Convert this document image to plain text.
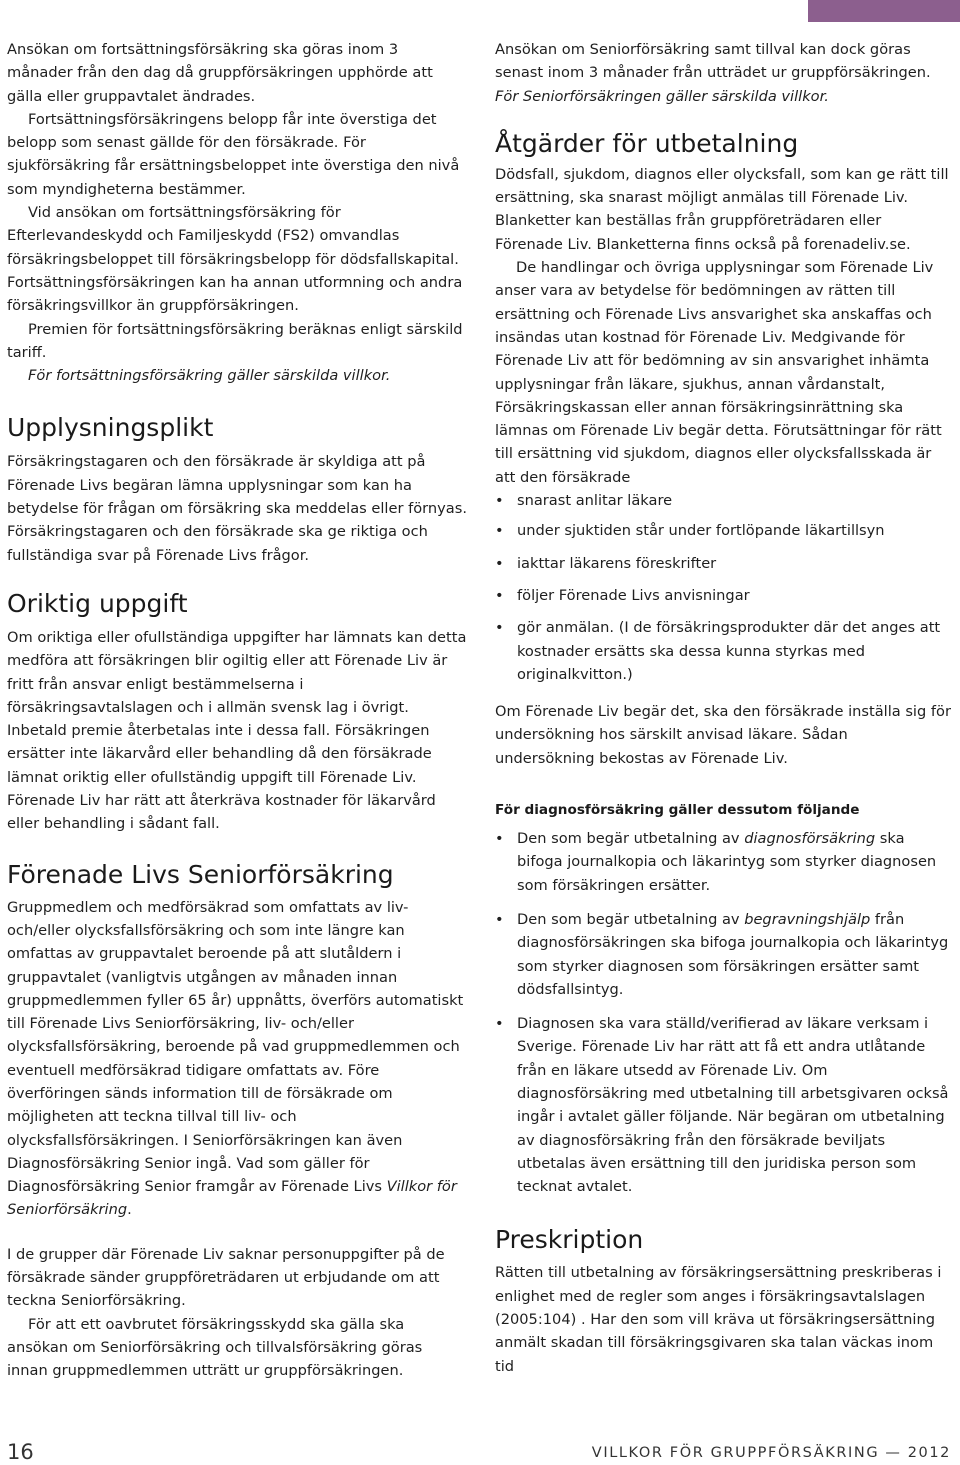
Ansökan om fortsättningsförsäkring ska göras inom 3 månader från den dag då gruppförsäkringen upphörde att gälla eller gruppavtalet ändrades.

Fortsättningsförsäkringens belopp får inte överstiga det belopp som senast gällde för den försäkrade. För sjukförsäkring får ersättningsbeloppet inte överstiga den nivå som myndigheterna bestämmer.

Vid ansökan om fortsättningsförsäkring för Efterlevandeskydd och Familjeskydd (FS2) omvandlas försäkringsbeloppet till försäkringsbelopp för dödsfallskapital. Fortsättningsförsäkringen kan ha annan utformning och andra försäkringsvillkor än gruppförsäkringen.

Premien för fortsättningsförsäkring beräknas enligt särskild tariff.

För fortsättningsförsäkring gäller särskilda villkor.

Upplysningsplikt

Försäkringstagaren och den försäkrade är skyldiga att på Förenade Livs begäran lämna upplysningar som kan ha betydelse för frågan om försäkring ska meddelas eller förnyas. Försäkringstagaren och den försäkrade ska ge riktiga och fullständiga svar på Förenade Livs frågor.

Oriktig uppgift

Om oriktiga eller ofullständiga uppgifter har lämnats kan detta medföra att försäkringen blir ogiltig eller att Förenade Liv är fritt från ansvar enligt bestämmelserna i försäkringsavtalslagen och i allmän svensk lag i övrigt. Inbetald premie återbetalas inte i dessa fall. Försäkringen ersätter inte läkarvård eller behandling då den försäkrade lämnat oriktig eller ofullständig uppgift till Förenade Liv. Förenade Liv har rätt att återkräva kostnader för läkarvård eller behandling i sådant fall.

Förenade Livs Seniorförsäkring

Gruppmedlem och medförsäkrad som omfattats av liv- och/eller olycksfallsförsäkring och som inte längre kan omfattas av gruppavtalet beroende på att slutåldern i gruppavtalet (vanligtvis utgången av månaden innan gruppmedlemmen fyller 65 år) uppnåtts, överförs automatiskt till Förenade Livs Seniorförsäkring, liv- och/eller olycksfallsförsäkring, beroende på vad gruppmedlemmen och eventuell medförsäkrad tidigare omfattats av. Före överföringen sänds information till de försäkrade om möjligheten att teckna tillval till liv- och olycksfallsförsäkringen. I Seniorförsäkringen kan även Diagnosförsäkring Senior ingå. Vad som gäller för Diagnosförsäkring Senior framgår av Förenade Livs Villkor för Seniorförsäkring.

I de grupper där Förenade Liv saknar personuppgifter på de försäkrade sänder gruppföreträdaren ut erbjudande om att teckna Seniorförsäkring.

För att ett oavbrutet försäkringsskydd ska gälla ska ansökan om Seniorförsäkring och tillvalsförsäkring göras innan gruppmedlemmen utträtt ur gruppförsäkringen.

Ansökan om Seniorförsäkring samt tillval kan dock göras senast inom 3 månader från utträdet ur gruppförsäkringen.

För Seniorförsäkringen gäller särskilda villkor.

Åtgärder för utbetalning

Dödsfall, sjukdom, diagnos eller olycksfall, som kan ge rätt till ersättning, ska snarast möjligt anmälas till Förenade Liv. Blanketter kan beställas från gruppföreträdaren eller Förenade Liv. Blanketterna finns också på forenadeliv.se.

De handlingar och övriga upplysningar som Förenade Liv anser vara av betydelse för bedömningen av rätten till ersättning och Förenade Livs ansvarighet ska anskaffas och insändas utan kostnad för Förenade Liv. Medgivande för Förenade Liv att för bedömning av sin ansvarighet inhämta upplysningar från läkare, sjukhus, annan vårdanstalt, Försäkringskassan eller annan försäkringsinrättning ska lämnas om Förenade Liv begär detta. Förutsättningar för rätt till ersättning vid sjukdom, diagnos eller olycksfallsskada är att den försäkrade

• snarast anlitar läkare
• under sjuktiden står under fortlöpande läkartillsyn
• iakttar läkarens föreskrifter
• följer Förenade Livs anvisningar
• gör anmälan. (I de försäkringsprodukter där det anges att kostnader ersätts ska dessa kunna styrkas med originalkvitton.)

Om Förenade Liv begär det, ska den försäkrade inställa sig för undersökning hos särskilt anvisad läkare. Sådan undersökning bekostas av Förenade Liv.

För diagnosförsäkring gäller dessutom följande
• Den som begär utbetalning av diagnosförsäkring ska bifoga journalkopia och läkarintyg som styrker diagnosen som försäkringen ersätter.
• Den som begär utbetalning av begravningshjälp från diagnosförsäkringen ska bifoga journalkopia och läkarintyg som styrker diagnosen som försäkringen ersätter samt dödsfallsintyg.
• Diagnosen ska vara ställd/verifierad av läkare verksam i Sverige. Förenade Liv har rätt att få ett andra utlåtande från en läkare utsedd av Förenade Liv. Om diagnosförsäkring med utbetalning till arbetsgivaren också ingår i avtalet gäller följande. När begäran om utbetalning av diagnosförsäkring från den försäkrade beviljats utbetalas även ersättning till den juridiska person som tecknat avtalet.
Preskription

Rätten till utbetalning av försäkringsersättning preskriberas i enlighet med de regler som anges i försäkringsavtalslagen (2005:104) . Har den som vill kräva ut försäkringsersättning anmält skadan till försäkringsgivaren ska talan väckas inom tid

16	VILLKOR FÖR GRUPPFÖRSÄKRING — 2012
